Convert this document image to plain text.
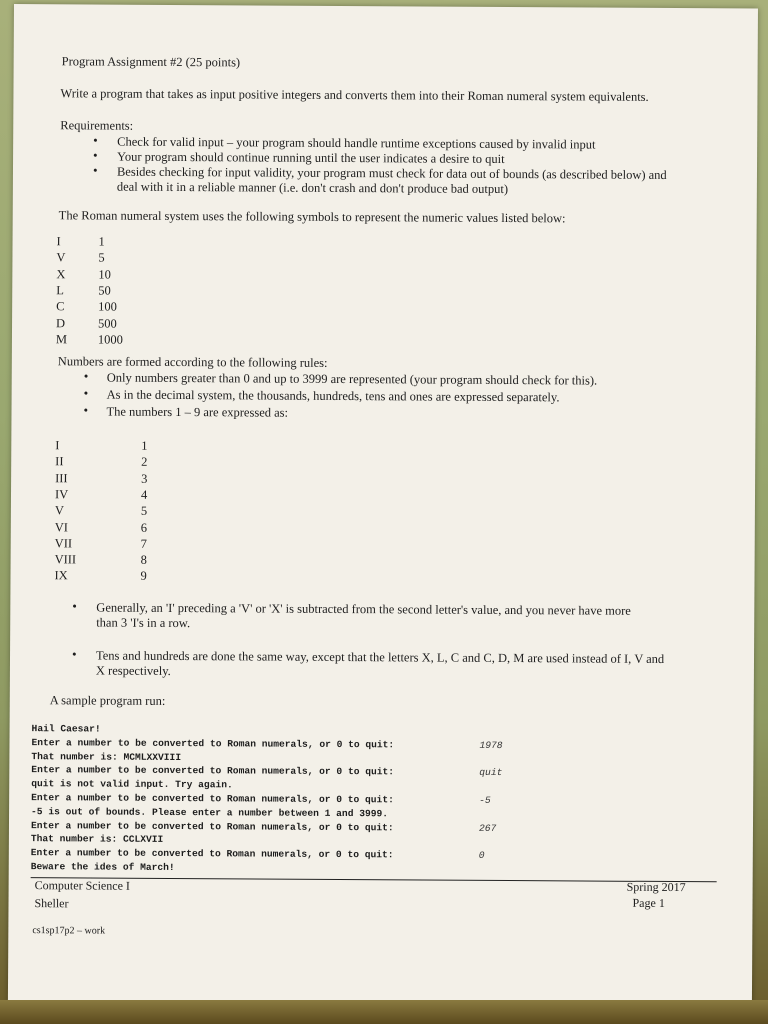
Program Assignment #2 (25 points)
Write a program that takes as input positive integers and converts them into their Roman numeral system equivalents.
Requirements:
• Check for valid input – your program should handle runtime exceptions caused by invalid input
• Your program should continue running until the user indicates a desire to quit
• Besides checking for input validity, your program must check for data out of bounds (as described below) and
deal with it in a reliable manner (i.e. don't crash and don't produce bad output)
The Roman numeral system uses the following symbols to represent the numeric values listed below:
Numbers are formed according to the following rules:
• Only numbers greater than 0 and up to 3999 are represented (your program should check for this).
• As in the decimal system, the thousands, hundreds, tens and ones are expressed separately.
• The numbers 1 – 9 are expressed as:
• Generally, an 'I' preceding a 'V' or 'X' is subtracted from the second letter's value, and you never have more
than 3 'I's in a row.
• Tens and hundreds are done the same way, except that the letters X, L, C and C, D, M are used instead of I, V and
X respectively.
A sample program run:
Computer Science I
Sheller
Spring 2017
Page 1
cs1sp17p2 – work
I	1
V	5
X	10
L	50
C	100
D	500
M 1000
I	1
II	2
III	3
IV	4
V	5
VI	6
VII	7
VIII	8
IX	9
Hail Caesar!
Enter a number to be converted to Roman numerals, or 0 to quit:	1978
That number is: MCMLXXVIII
Enter a number to be converted to Roman numerals, or 0 to quit:	quit
quit is not valid input. Try again.
Enter a number to be converted to Roman numerals, or 0 to quit:	-5
-5 is out of bounds. Please enter a number between 1 and 3999.
Enter a number to be converted to Roman numerals, or 0 to quit:	267
That number is: CCLXVII
Enter a number to be converted to Roman numerals, or 0 to quit:	0
Beware the ides of March!
